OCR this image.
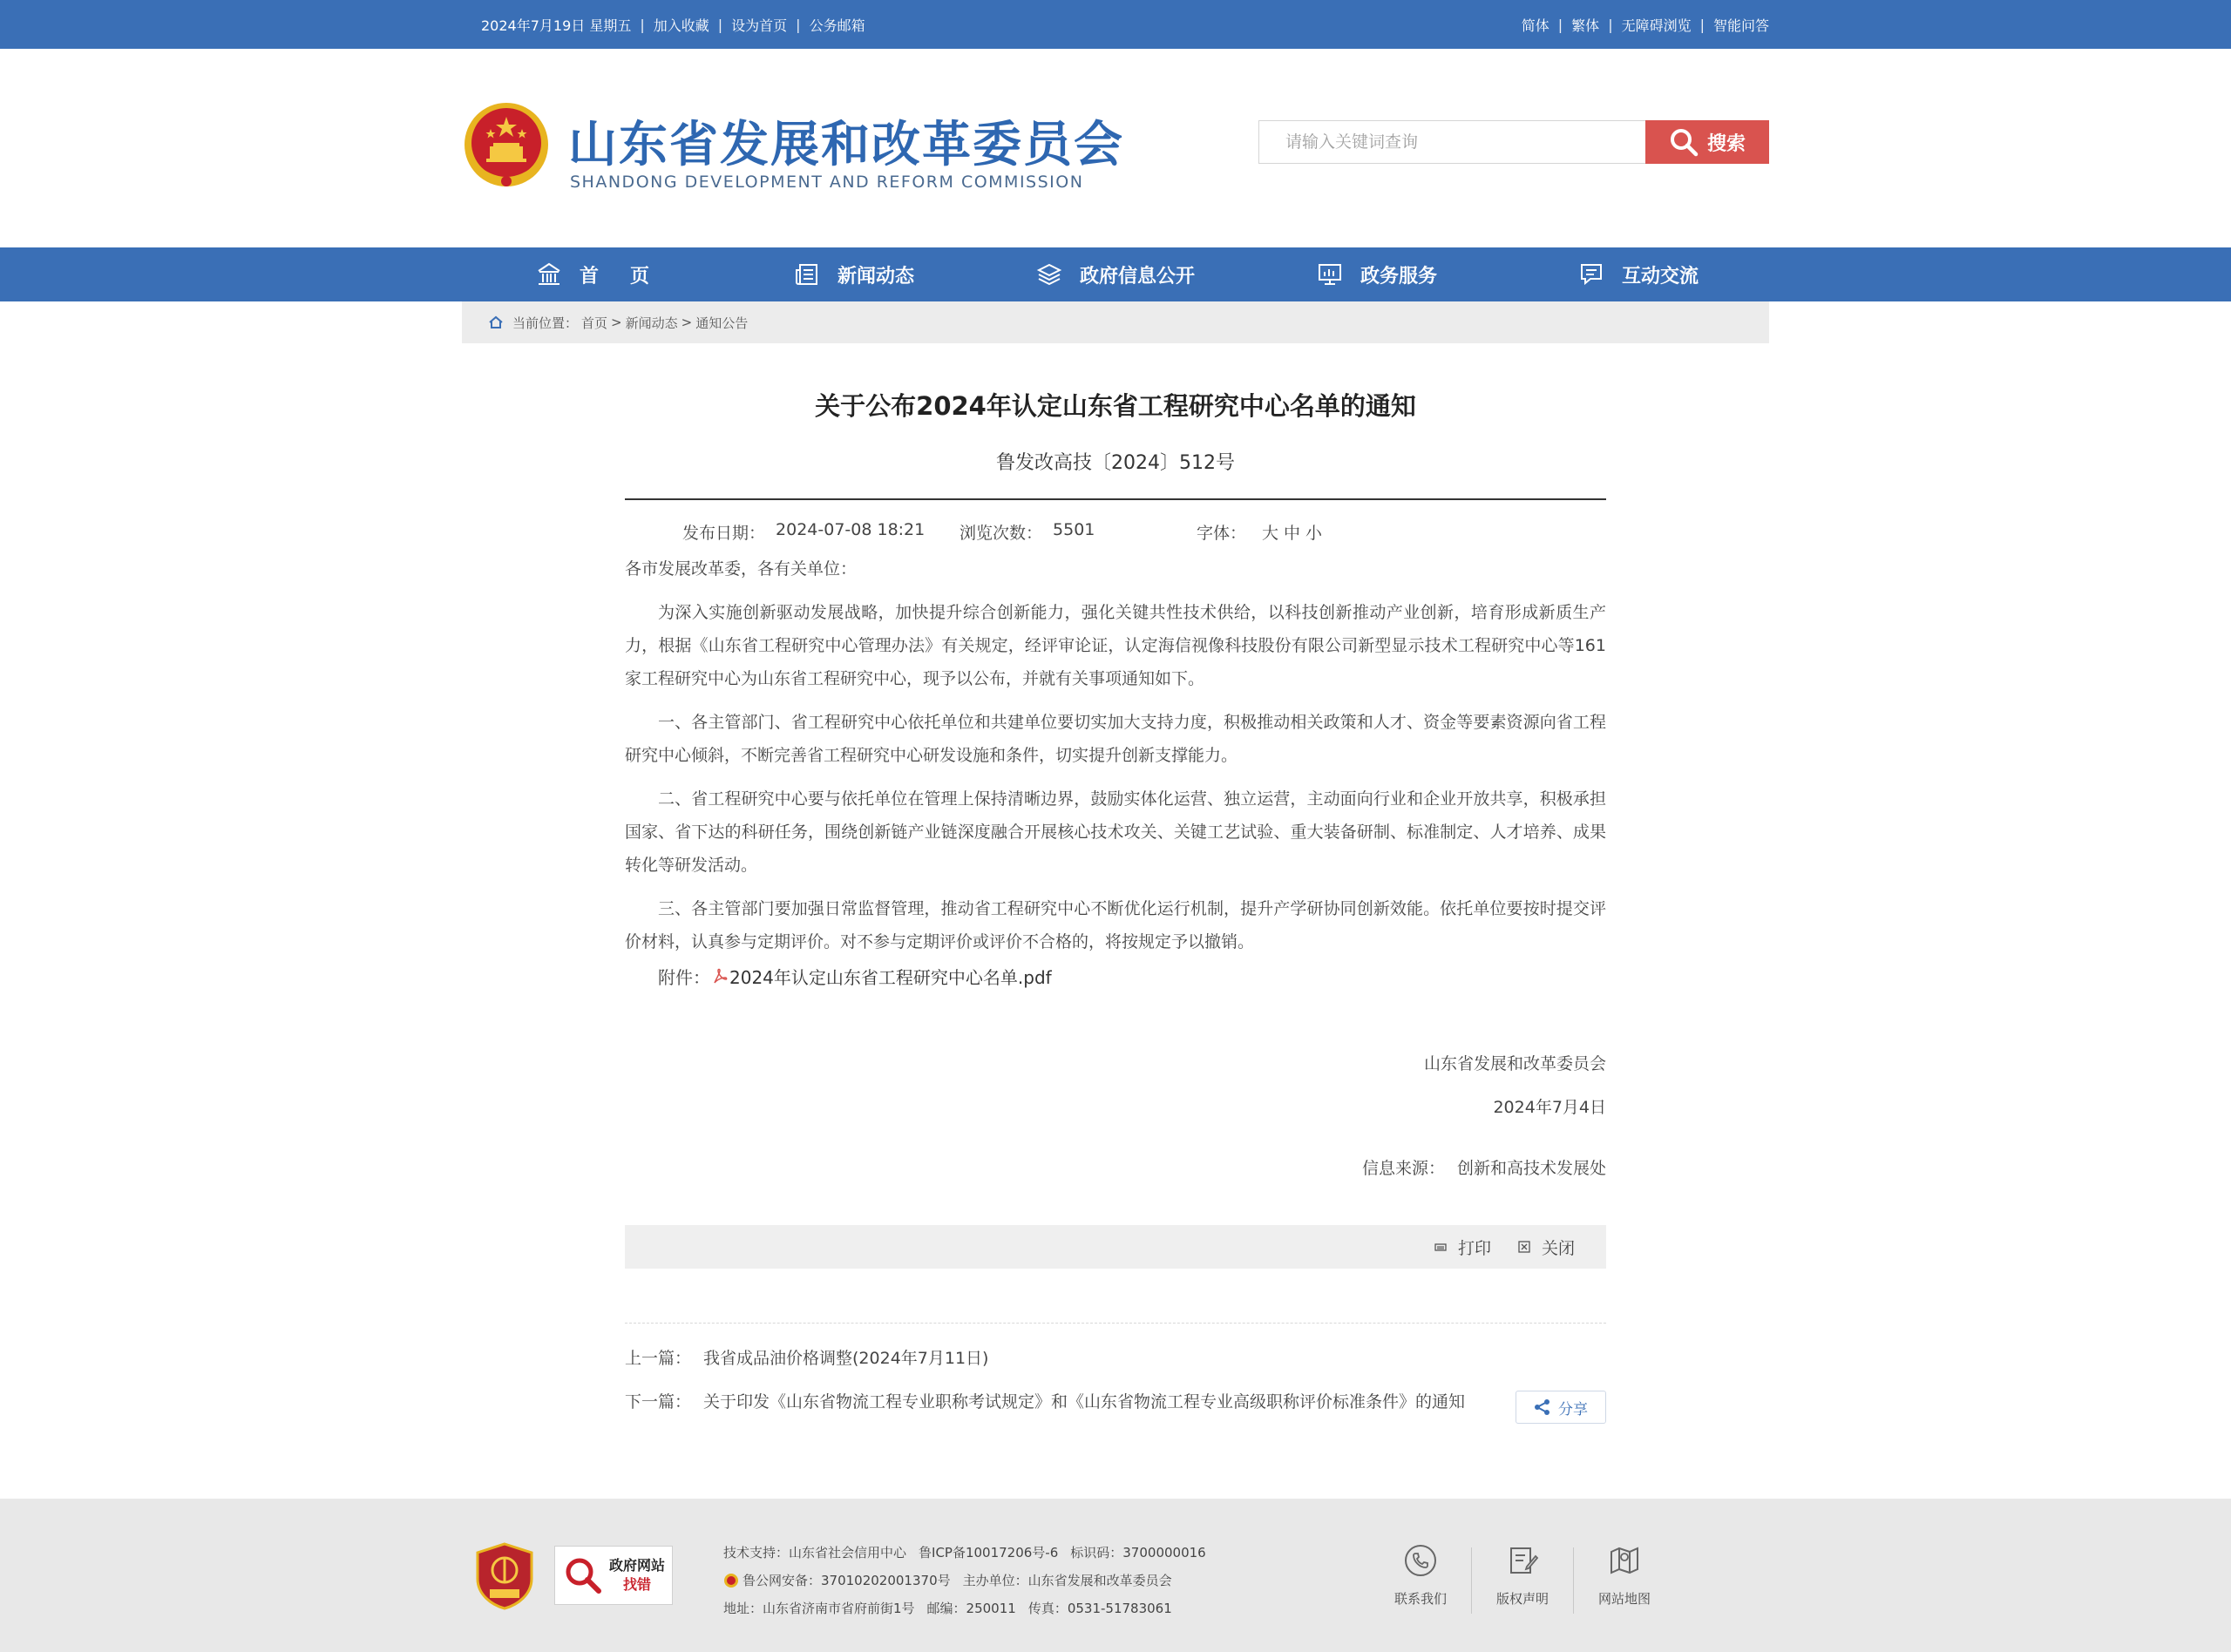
2024年7月19日 星期五 | 加入收藏 | 设为首页 | 公务邮箱	简体 | 繁体 | 无障碍浏览 | 智能问答
山东省发展和改革委员会
SHANDONG DEVELOPMENT AND REFORM COMMISSION
请输入关键词查询
搜索
首页	新闻动态	政府信息公开	政务服务	互动交流
当前位置： 首页 > 新闻动态 > 通知公告
关于公布2024年认定山东省工程研究中心名单的通知
鲁发改高技〔2024〕512号
发布日期： 2024-07-08 18:21 浏览次数： 5501	字体： 大 中 小

各市发展改革委，各有关单位：

为深入实施创新驱动发展战略，加快提升综合创新能力，强化关键共性技术供给，以科技创新推动产业创新，培育形成新质生产力，根据《山东省工程研究中心管理办法》有关规定，经评审论证，认定海信视像科技股份有限公司新型显示技术工程研究中心等161家工程研究中心为山东省工程研究中心，现予以公布，并就有关事项通知如下。

一、各主管部门、省工程研究中心依托单位和共建单位要切实加大支持力度，积极推动相关政策和人才、资金等要素资源向省工程研究中心倾斜，不断完善省工程研究中心研发设施和条件，切实提升创新支撑能力。

二、省工程研究中心要与依托单位在管理上保持清晰边界，鼓励实体化运营、独立运营，主动面向行业和企业开放共享，积极承担国家、省下达的科研任务，围绕创新链产业链深度融合开展核心技术攻关、关键工艺试验、重大装备研制、标准制定、人才培养、成果转化等研发活动。

三、各主管部门要加强日常监督管理，推动省工程研究中心不断优化运行机制，提升产学研协同创新效能。依托单位要按时提交评价材料，认真参与定期评价。对不参与定期评价或评价不合格的，将按规定予以撤销。

附件： 2024年认定山东省工程研究中心名单.pdf
山东省发展和改革委员会
2024年7月4日
信息来源： 创新和高技术发展处
打印	关闭
上一篇： 我省成品油价格调整(2024年7月11日)
下一篇： 关于印发《山东省物流工程专业职称考试规定》和《山东省物流工程专业高级职称评价标准条件》的通知	分享
政府网站
找错
技术支持：山东省社会信用中心 鲁ICP备10017206号-6 标识码：3700000016
鲁公网安备：37010202001370号 主办单位：山东省发展和改革委员会
地址：山东省济南市省府前街1号 邮编：250011 传真：0531-51783061
联系我们	版权声明	网站地图
